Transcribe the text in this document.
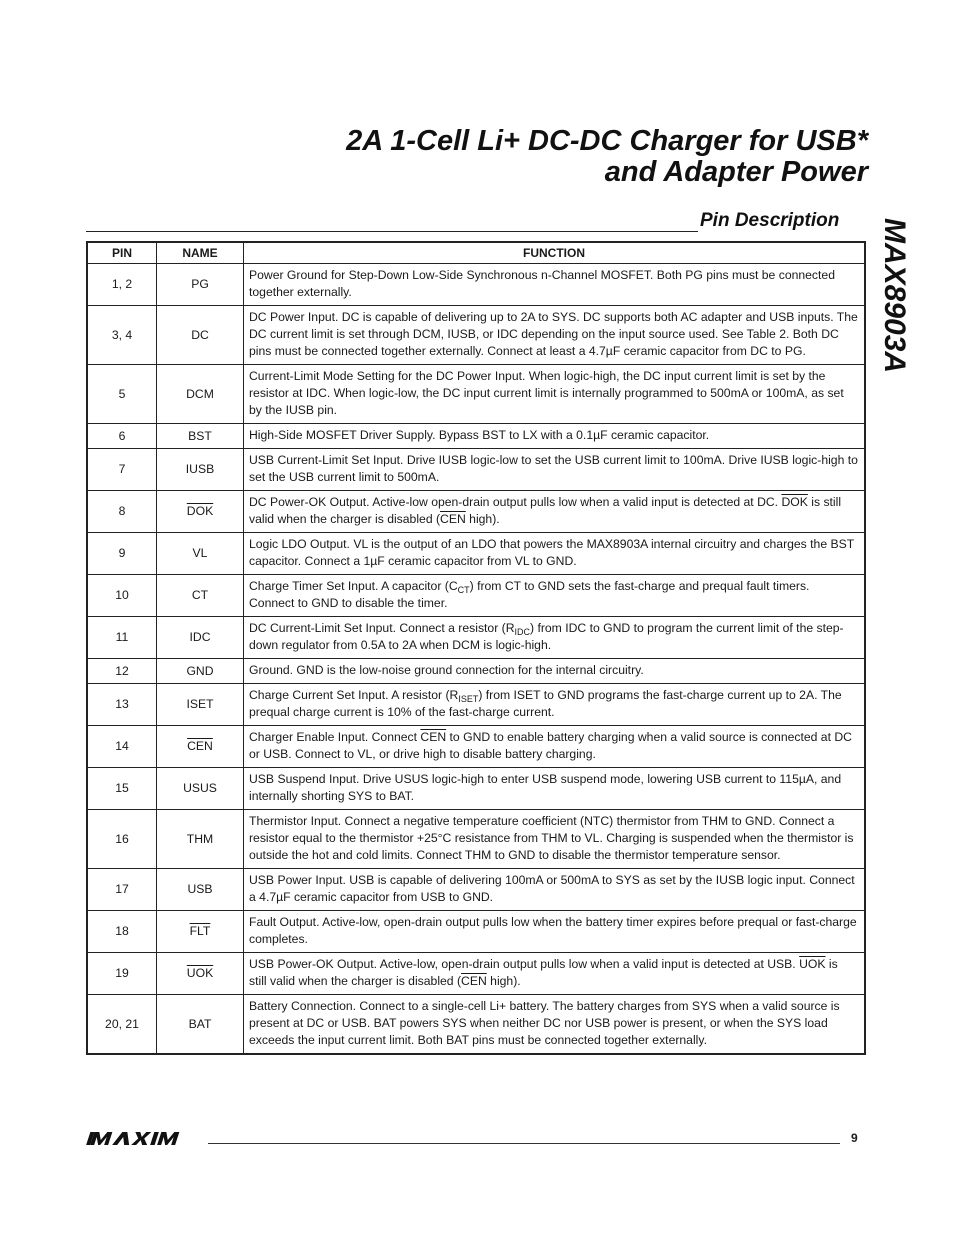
2A 1-Cell Li+ DC-DC Charger for USB*
and Adapter Power
Pin Description	MAX8903A
PIN	NAME	FUNCTION
1, 2	PG	Power Ground for Step-Down Low-Side Synchronous n-Channel MOSFET. Both PG pins must be connected together externally.
3, 4	DC	DC Power Input. DC is capable of delivering up to 2A to SYS. DC supports both AC adapter and USB inputs. The DC current limit is set through DCM, IUSB, or IDC depending on the input source used. See Table 2. Both DC pins must be connected together externally. Connect at least a 4.7µF ceramic capacitor from DC to PG.
5	DCM	Current-Limit Mode Setting for the DC Power Input. When logic-high, the DC input current limit is set by the resistor at IDC. When logic-low, the DC input current limit is internally programmed to 500mA or 100mA, as set by the IUSB pin.
6	BST	High-Side MOSFET Driver Supply. Bypass BST to LX with a 0.1µF ceramic capacitor.
7	IUSB	USB Current-Limit Set Input. Drive IUSB logic-low to set the USB current limit to 100mA. Drive IUSB logic-high to set the USB current limit to 500mA.
8	$\overline{DOK}$	DC Power-OK Output. Active-low open-drain output pulls low when a valid input is detected at DC. $\overline{DOK}$ is still valid when the charger is disabled ($\overline{CEN}$ high).
9	VL	Logic LDO Output. VL is the output of an LDO that powers the MAX8903A internal circuitry and charges the BST capacitor. Connect a 1µF ceramic capacitor from VL to GND.
10	CT	Charge Timer Set Input. A capacitor $(C_{CT})$ from CT to GND sets the fast-charge and prequal fault timers. Connect to GND to disable the timer.
11	IDC	DC Current-Limit Set Input. Connect a resistor $(R_{IDC})$ from IDC to GND to program the current limit of the step-down regulator from 0.5A to 2A when DCM is logic-high.
12	GND	Ground. GND is the low-noise ground connection for the internal circuitry.
13	ISET	Charge Current Set Input. A resistor $(R_{ISET})$ from ISET to GND programs the fast-charge current up to 2A. The prequal charge current is 10% of the fast-charge current.
14	$\overline{CEN}$	Charger Enable Input. Connect $\overline{CEN}$ to GND to enable battery charging when a valid source is connected at DC or USB. Connect to VL, or drive high to disable battery charging.
15	USUS	USB Suspend Input. Drive USUS logic-high to enter USB suspend mode, lowering USB current to 115µA, and internally shorting SYS to BAT.
16	THM	Thermistor Input. Connect a negative temperature coefficient (NTC) thermistor from THM to GND. Connect a resistor equal to the thermistor +25°C resistance from THM to VL. Charging is suspended when the thermistor is outside the hot and cold limits. Connect THM to GND to disable the thermistor temperature sensor.
17	USB	USB Power Input. USB is capable of delivering 100mA or 500mA to SYS as set by the IUSB logic input. Connect a 4.7µF ceramic capacitor from USB to GND.
18	$\overline{FLT}$	Fault Output. Active-low, open-drain output pulls low when the battery timer expires before prequal or fast-charge completes.
19	$\overline{UOK}$	USB Power-OK Output. Active-low, open-drain output pulls low when a valid input is detected at USB. $\overline{UOK}$ is still valid when the charger is disabled ($\overline{CEN}$ high).
20, 21	BAT	Battery Connection. Connect to a single-cell Li+ battery. The battery charges from SYS when a valid source is present at DC or USB. BAT powers SYS when neither DC nor USB power is present, or when the SYS load exceeds the input current limit. Both BAT pins must be connected together externally.
9
